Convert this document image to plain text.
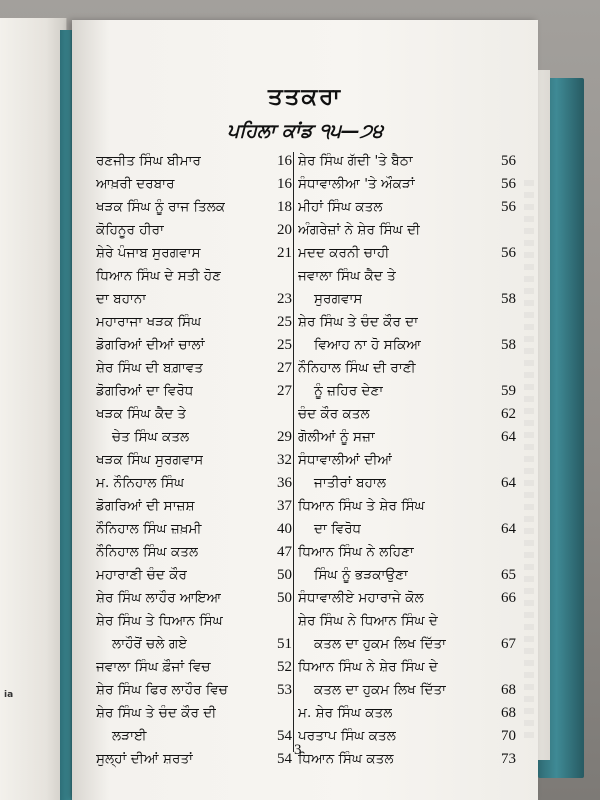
ia
ਤਤਕਰਾ
ਪਹਿਲਾ ਕਾਂਡ ੧੫—੭੪
ਰਣਜੀਤ ਸਿੰਘ ਬੀਮਾਰ	16
ਆਖ਼ਰੀ ਦਰਬਾਰ	16
ਖੜਕ ਸਿੰਘ ਨੂੰ ਰਾਜ ਤਿਲਕ	18
ਕੋਹਿਨੂਰ ਹੀਰਾ	20
ਸ਼ੇਰੇ ਪੰਜਾਬ ਸੁਰਗਵਾਸ	21
ਧਿਆਨ ਸਿੰਘ ਦੇ ਸਤੀ ਹੋਣ
ਦਾ ਬਹਾਨਾ	23
ਮਹਾਰਾਜਾ ਖੜਕ ਸਿੰਘ	25
ਡੋਗਰਿਆਂ ਦੀਆਂ ਚਾਲਾਂ	25
ਸ਼ੇਰ ਸਿੰਘ ਦੀ ਬਗ਼ਾਵਤ	27
ਡੋਗਰਿਆਂ ਦਾ ਵਿਰੋਧ	27
ਖੜਕ ਸਿੰਘ ਕੈਦ ਤੇ
ਚੇਤ ਸਿੰਘ ਕਤਲ	29
ਖੜਕ ਸਿੰਘ ਸੁਰਗਵਾਸ	32
ਮ. ਨੌਨਿਹਾਲ ਸਿੰਘ	36
ਡੋਗਰਿਆਂ ਦੀ ਸਾਜ਼ਸ਼	37
ਨੌਨਿਹਾਲ ਸਿੰਘ ਜ਼ਖ਼ਮੀ	40
ਨੌਨਿਹਾਲ ਸਿੰਘ ਕਤਲ	47
ਮਹਾਰਾਣੀ ਚੰਦ ਕੌਰ	50
ਸ਼ੇਰ ਸਿੰਘ ਲਾਹੌਰ ਆਇਆ	50
ਸ਼ੇਰ ਸਿੰਘ ਤੇ ਧਿਆਨ ਸਿੰਘ
ਲਾਹੌਰੋਂ ਚਲੇ ਗਏ	51
ਜਵਾਲਾ ਸਿੰਘ ਫ਼ੌਜਾਂ ਵਿਚ	52
ਸ਼ੇਰ ਸਿੰਘ ਫਿਰ ਲਾਹੌਰ ਵਿਚ	53
ਸ਼ੇਰ ਸਿੰਘ ਤੇ ਚੰਦ ਕੌਰ ਦੀ
ਲੜਾਈ	54
ਸੁਲ੍ਹਾਂ ਦੀਆਂ ਸ਼ਰਤਾਂ	54
ਸ਼ੇਰ ਸਿੰਘ ਗੱਦੀ 'ਤੇ ਬੈਠਾ	56
ਸੰਧਾਵਾਲੀਆ 'ਤੇ ਔਕੜਾਂ	56
ਮੀਹਾਂ ਸਿੰਘ ਕਤਲ	56
ਅੰਗਰੇਜ਼ਾਂ ਨੇ ਸ਼ੇਰ ਸਿੰਘ ਦੀ
ਮਦਦ ਕਰਨੀ ਚਾਹੀ	56
ਜਵਾਲਾ ਸਿੰਘ ਕੈਦ ਤੇ
ਸੁਰਗਵਾਸ	58
ਸ਼ੇਰ ਸਿੰਘ ਤੇ ਚੰਦ ਕੌਰ ਦਾ
ਵਿਆਹ ਨਾ ਹੋ ਸਕਿਆ	58
ਨੌਨਿਹਾਲ ਸਿੰਘ ਦੀ ਰਾਣੀ
ਨੂੰ ਜ਼ਹਿਰ ਦੇਣਾ	59
ਚੰਦ ਕੌਰ ਕਤਲ	62
ਗੋਲੀਆਂ ਨੂੰ ਸਜ਼ਾ	64
ਸੰਧਾਵਾਲੀਆਂ ਦੀਆਂ
ਜਾਤੀਰਾਂ ਬਹਾਲ	64
ਧਿਆਨ ਸਿੰਘ ਤੇ ਸ਼ੇਰ ਸਿੰਘ
ਦਾ ਵਿਰੋਧ	64
ਧਿਆਨ ਸਿੰਘ ਨੇ ਲਹਿਣਾ
ਸਿੰਘ ਨੂੰ ਭੜਕਾਉਣਾ	65
ਸੰਧਾਵਾਲੀਏ ਮਹਾਰਾਜੇ ਕੋਲ	66
ਸ਼ੇਰ ਸਿੰਘ ਨੇ ਧਿਆਨ ਸਿੰਘ ਦੇ
ਕਤਲ ਦਾ ਹੁਕਮ ਲਿਖ ਦਿੱਤਾ	67
ਧਿਆਨ ਸਿੰਘ ਨੇ ਸ਼ੇਰ ਸਿੰਘ ਦੇ
ਕਤਲ ਦਾ ਹੁਕਮ ਲਿਖ ਦਿੱਤਾ	68
ਮ. ਸ਼ੇਰ ਸਿੰਘ ਕਤਲ	68
ਪਰਤਾਪ ਸਿੰਘ ਕਤਲ	70
ਧਿਆਨ ਸਿੰਘ ਕਤਲ	73
3
